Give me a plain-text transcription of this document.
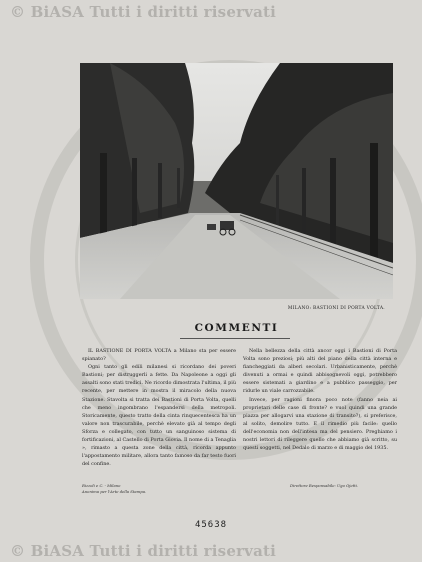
© BiASA Tutti i diritti riservati
MILANO: BASTIONI DI PORTA VOLTA.
COMMENTI

IL BASTIONE DI PORTA VOLTA a Milano sta per essere spianato?

Ogni tanto gli edili milanesi si ricordano dei poveri Bastioni; per distruggerli a fette. Da Napoleone a oggi gli assalti sono stati tredici. Ne ricordo dimostrata l'ultima, il più recente, per mettere in mostra il miracolo della nuova Stazione. Stavolta si tratta dei Bastioni di Porta Volta, quelli che meno ingombrano l'espandersi della metropoli. Storicamente, questo tratto della cinta rinquecentesca ha un valore non trascurabile, perchè elevato già al tempo degli Sforza e collegato, con tutto un sanguinoso sistema di fortificazioni, al Castello di Porta Giovia. Il nome di a Tenaglia », rimasto a questa zone della città, ricorda appunto l'appostamento militare, allora tanto famoso da far testo fuori del confine.

Nella bellezza della città ancor oggi i Bastioni di Porta Volta sono preziosi; più alti del piano della città interna e fiancheggiati da alberi secolari. Urbanisticamente, perchè divenuti a ormai e quindi abbisognevoli oggi, potrebbero essere sistemati a giardino e a pubblico passeggio, per ridurle un viale carrozzabile.

Invece, per ragioni finora poco note (fanno neia ai proprietari delle case di fronte? e vuol quindi una grande piazza per allogarvi una stazione di transito?), si preferisce, al solito, demolire tutto. E il rimedio più facile: quello dell'economia non dell'intesa ma del pensiero. Preghiamo i nostri lettori di rileggere quello che abbiamo già scritto, su questi soggetti, nel Dedalo di marzo e di maggio del 1935.

Rizzoli e C. - Milano
Anonima per l'Arte della Stampa.
Direttore Responsabile: Ugo Ojetti.
45638
© BiASA Tutti i diritti riservati
